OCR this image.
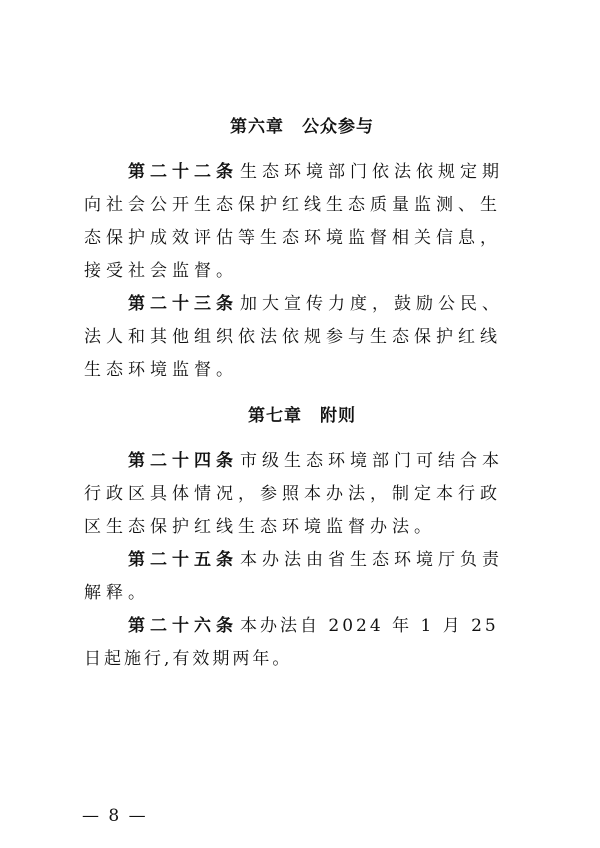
第六章 公众参与

第二十二条 生态环境部门依法依规定期向社会公开生态保护红线生态质量监测、生态保护成效评估等生态环境监督相关信息，接受社会监督。

第二十三条 加大宣传力度，鼓励公民、法人和其他组织依法依规参与生态保护红线生态环境监督。

第七章 附则

第二十四条 市级生态环境部门可结合本行政区具体情况，参照本办法，制定本行政区生态保护红线生态环境监督办法。

第二十五条 本办法由省生态环境厅负责解释。

第二十六条 本办法自 2024 年 1 月 25 日起施行,有效期两年。

— 8 —
